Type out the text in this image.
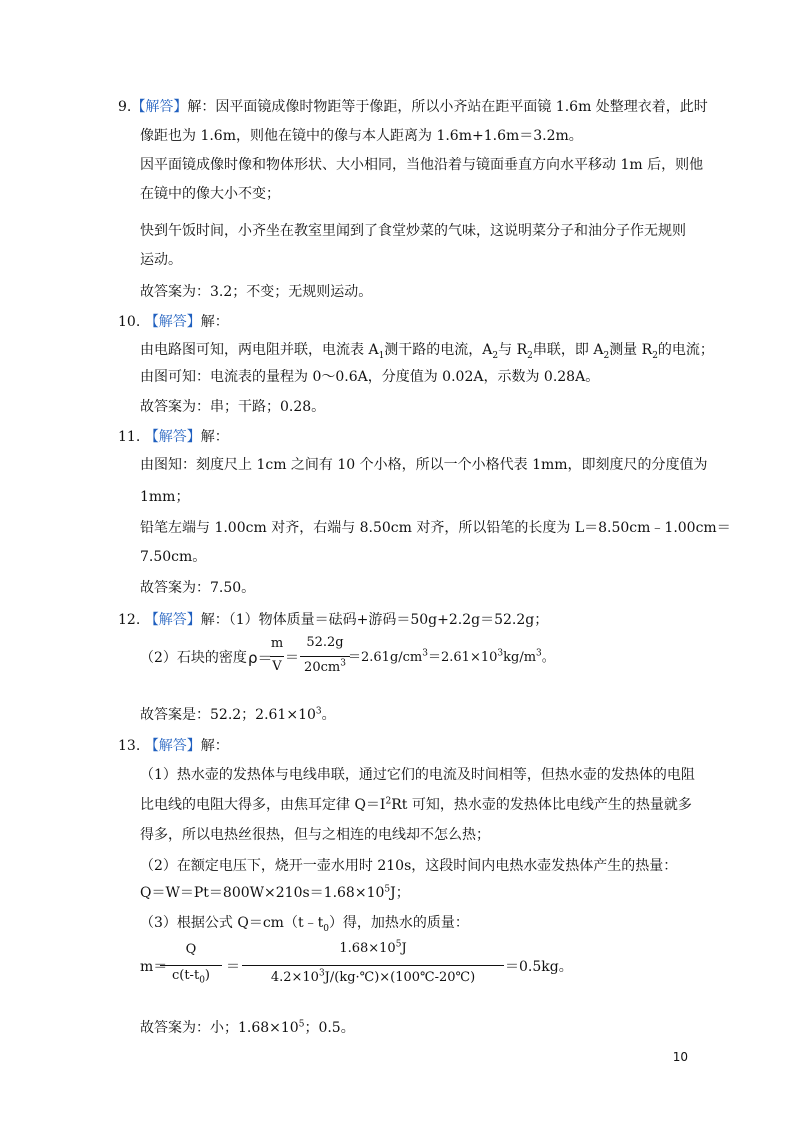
9.【解答】解：因平面镜成像时物距等于像距，所以小齐站在距平面镜 1.6m 处整理衣着，此时
像距也为 1.6m，则他在镜中的像与本人距离为 1.6m+1.6m＝3.2m。
因平面镜成像时像和物体形状、大小相同，当他沿着与镜面垂直方向水平移动 1m 后，则他
在镜中的像大小不变；
快到午饭时间，小齐坐在教室里闻到了食堂炒菜的气味，这说明菜分子和油分子作无规则
运动。
故答案为：3.2；不变；无规则运动。
10. 【解答】解：
由电路图可知，两电阻并联，电流表 $A_1$测干路的电流，$A_2$与 $R_2$串联，即 $A_2$测量 $R_2$的电流；
由图可知：电流表的量程为 0～0.6A，分度值为 0.02A，示数为 0.28A。
故答案为：串；干路；0.28。
11. 【解答】解：
由图知：刻度尺上 1cm 之间有 10 个小格，所以一个小格代表 1mm，即刻度尺的分度值为
1mm；
铅笔左端与 1.00cm 对齐，右端与 8.50cm 对齐，所以铅笔的长度为 L＝8.50cm﹣1.00cm＝
7.50cm。
故答案为：7.50。
12. 【解答】解：（1）物体质量＝砝码+游码＝50g+2.2g＝52.2g；
（2）石块的密度 ρ＝
m
V
＝
52.2g
$20cm^3 =2.61g/cm^3=2.61\times 10^3kg/m^3$。
故答案是：52.2；$2.61\times 10^3$。
13. 【解答】解：
（1）热水壶的发热体与电线串联，通过它们的电流及时间相等，但热水壶的发热体的电阻
比电线的电阻大得多，由焦耳定律 $Q=I^2Rt$ 可知，热水壶的发热体比电线产生的热量就多
得多，所以电热丝很热，但与之相连的电线却不怎么热；
（2）在额定电压下，烧开一壶水用时 210s，这段时间内电热水壶发热体产生的热量：
$Q=W=Pt=800W\times 210s=1.68\times 10^5J$；
（3）根据公式 $Q=cm(t﹣t_0)$得，加热水的质量：
m＝
Q
$c(t-t_0)$
＝
$1.68\times 10^5J$
$4.2\times 10^3J/(kg\cdot℃)\times(100℃-20℃)$
＝0.5kg。
故答案为：小；$1.68\times 10^5$；0.5。
10
